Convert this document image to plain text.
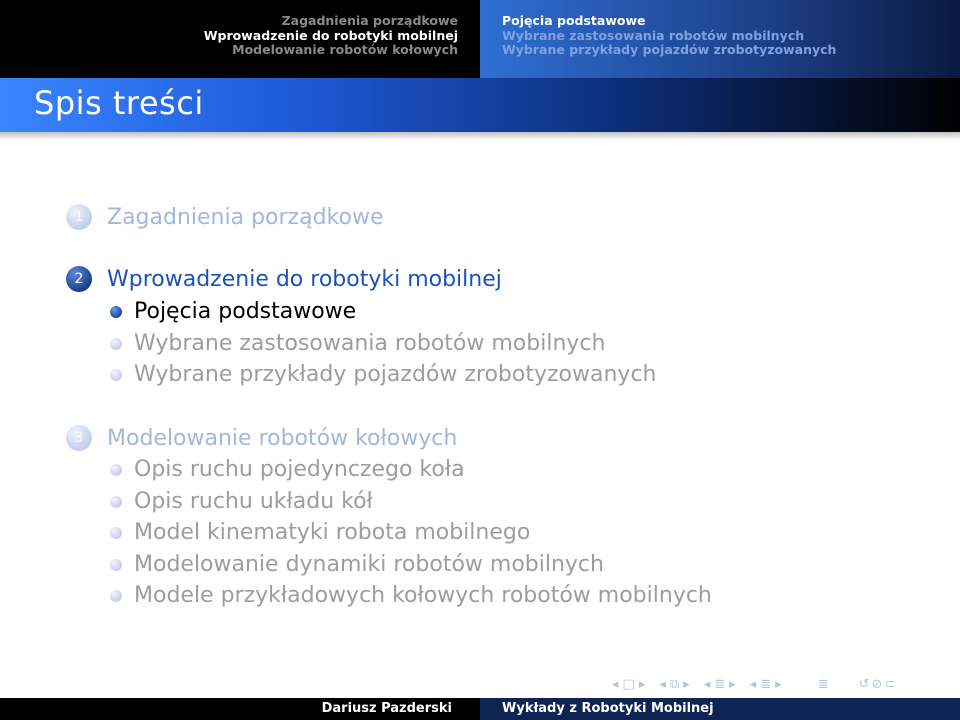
Zagadnienia porządkowe
Wprowadzenie do robotyki mobilnej
Modelowanie robotów kołowych
Pojęcia podstawowe
Wybrane zastosowania robotów mobilnych
Wybrane przykłady pojazdów zrobotyzowanych
Spis treści
1	Zagadnienia porządkowe
2	Wprowadzenie do robotyki mobilnej
Pojęcia podstawowe
Wybrane zastosowania robotów mobilnych
Wybrane przykłady pojazdów zrobotyzowanych
3	Modelowanie robotów kołowych
Opis ruchu pojedynczego koła
Opis ruchu układu kół
Model kinematyki robota mobilnego
Modelowanie dynamiki robotów mobilnych
Modele przykładowych kołowych robotów mobilnych
◂ □ ▸ ◂ ⧉ ▸ ◂ ≣ ▸ ◂ ≣ ▸	≣ ↺⊘⊂
Dariusz Pazderski	Wykłady z Robotyki Mobilnej
